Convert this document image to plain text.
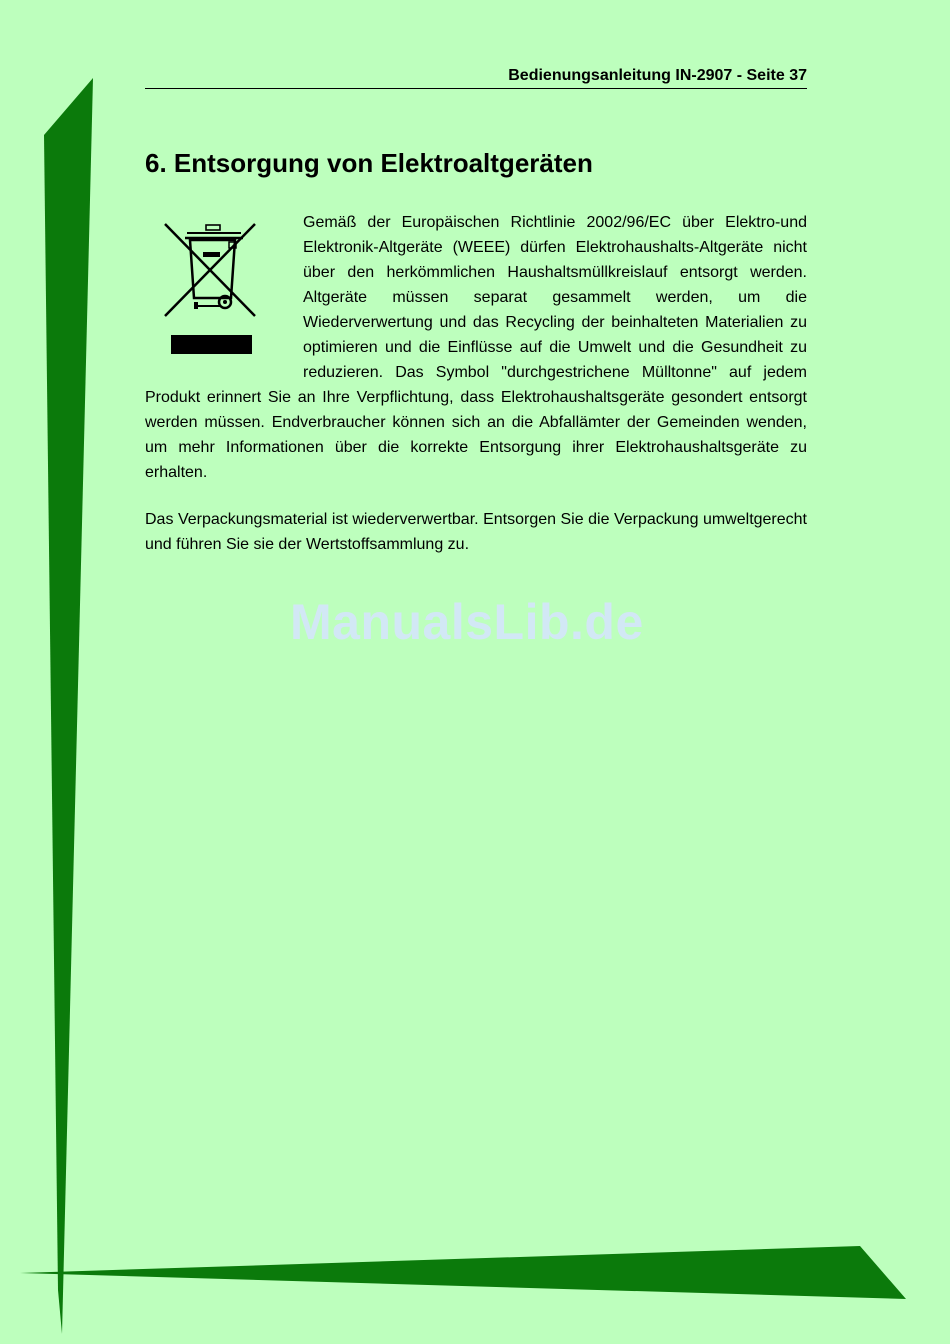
Bedienungsanleitung IN-2907 - Seite 37
6. Entsorgung von Elektroaltgeräten

Gemäß der Europäischen Richtlinie 2002/96/EC über Elektro-und Elektronik-Altgeräte (WEEE) dürfen Elektrohaushalts-Altgeräte nicht über den herkömmlichen Haushaltsmüllkreislauf entsorgt werden. Altgeräte müssen separat gesammelt werden, um die Wiederverwertung und das Recycling der beinhalteten Materialien zu optimieren und die Einflüsse auf die Umwelt und die Gesundheit zu reduzieren. Das Symbol "durchgestrichene Mülltonne" auf jedem Produkt erinnert Sie an Ihre Verpflichtung, dass Elektrohaushaltsgeräte gesondert entsorgt werden müssen. Endverbraucher können sich an die Abfallämter der Gemeinden wenden, um mehr Informationen über die korrekte Entsorgung ihrer Elektrohaushaltsgeräte zu erhalten.

Das Verpackungsmaterial ist wiederverwertbar. Entsorgen Sie die Verpackung umweltgerecht und führen Sie sie der Wertstoffsammlung zu.

ManualsLib.de
